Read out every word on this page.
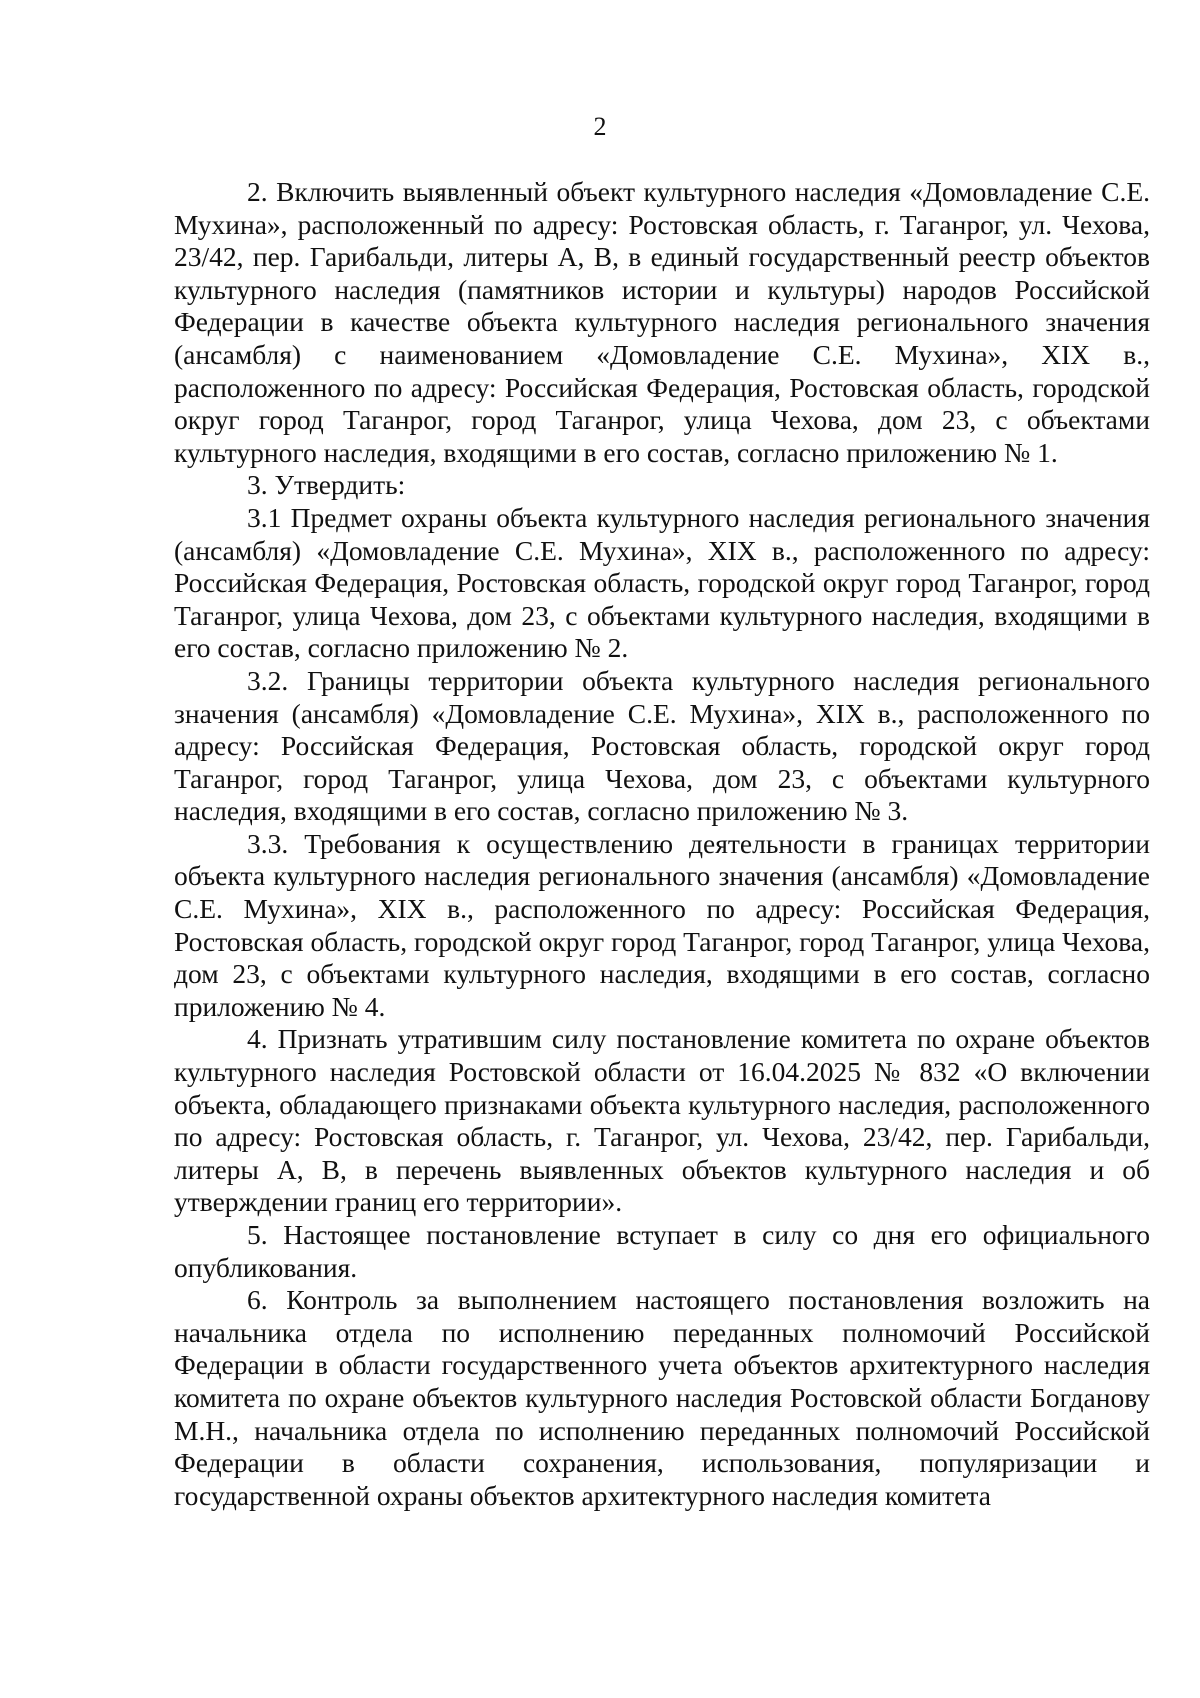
2

2. Включить выявленный объект культурного наследия «Домовладение С.Е. Мухина», расположенный по адресу: Ростовская область, г. Таганрог, ул. Чехова, 23/42, пер. Гарибальди, литеры А, В, в единый государственный реестр объектов культурного наследия (памятников истории и культуры) народов Российской Федерации в качестве объекта культурного наследия регионального значения (ансамбля) с наименованием «Домовладение С.Е. Мухина», XIX в., расположенного по адресу: Российская Федерация, Ростовская область, городской округ город Таганрог, город Таганрог, улица Чехова, дом 23, с объектами культурного наследия, входящими в его состав, согласно приложению № 1.

3. Утвердить:

3.1 Предмет охраны объекта культурного наследия регионального значения (ансамбля) «Домовладение С.Е. Мухина», XIX в., расположенного по адресу: Российская Федерация, Ростовская область, городской округ город Таганрог, город Таганрог, улица Чехова, дом 23, с объектами культурного наследия, входящими в его состав, согласно приложению № 2.

3.2. Границы территории объекта культурного наследия регионального значения (ансамбля) «Домовладение С.Е. Мухина», XIX в., расположенного по адресу: Российская Федерация, Ростовская область, городской округ город Таганрог, город Таганрог, улица Чехова, дом 23, с объектами культурного наследия, входящими в его состав, согласно приложению № 3.

3.3. Требования к осуществлению деятельности в границах территории объекта культурного наследия регионального значения (ансамбля) «Домовладение С.Е. Мухина», XIX в., расположенного по адресу: Российская Федерация, Ростовская область, городской округ город Таганрог, город Таганрог, улица Чехова, дом 23, с объектами культурного наследия, входящими в его состав, согласно приложению № 4.

4. Признать утратившим силу постановление комитета по охране объектов культурного наследия Ростовской области от 16.04.2025 № 832 «О включении объекта, обладающего признаками объекта культурного наследия, расположенного по адресу: Ростовская область, г. Таганрог, ул. Чехова, 23/42, пер. Гарибальди, литеры А, В, в перечень выявленных объектов культурного наследия и об утверждении границ его территории».

5. Настоящее постановление вступает в силу со дня его официального опубликования.

6. Контроль за выполнением настоящего постановления возложить на начальника отдела по исполнению переданных полномочий Российской Федерации в области государственного учета объектов архитектурного наследия комитета по охране объектов культурного наследия Ростовской области Богданову М.Н., начальника отдела по исполнению переданных полномочий Российской Федерации в области сохранения, использования, популяризации и государственной охраны объектов архитектурного наследия комитета
